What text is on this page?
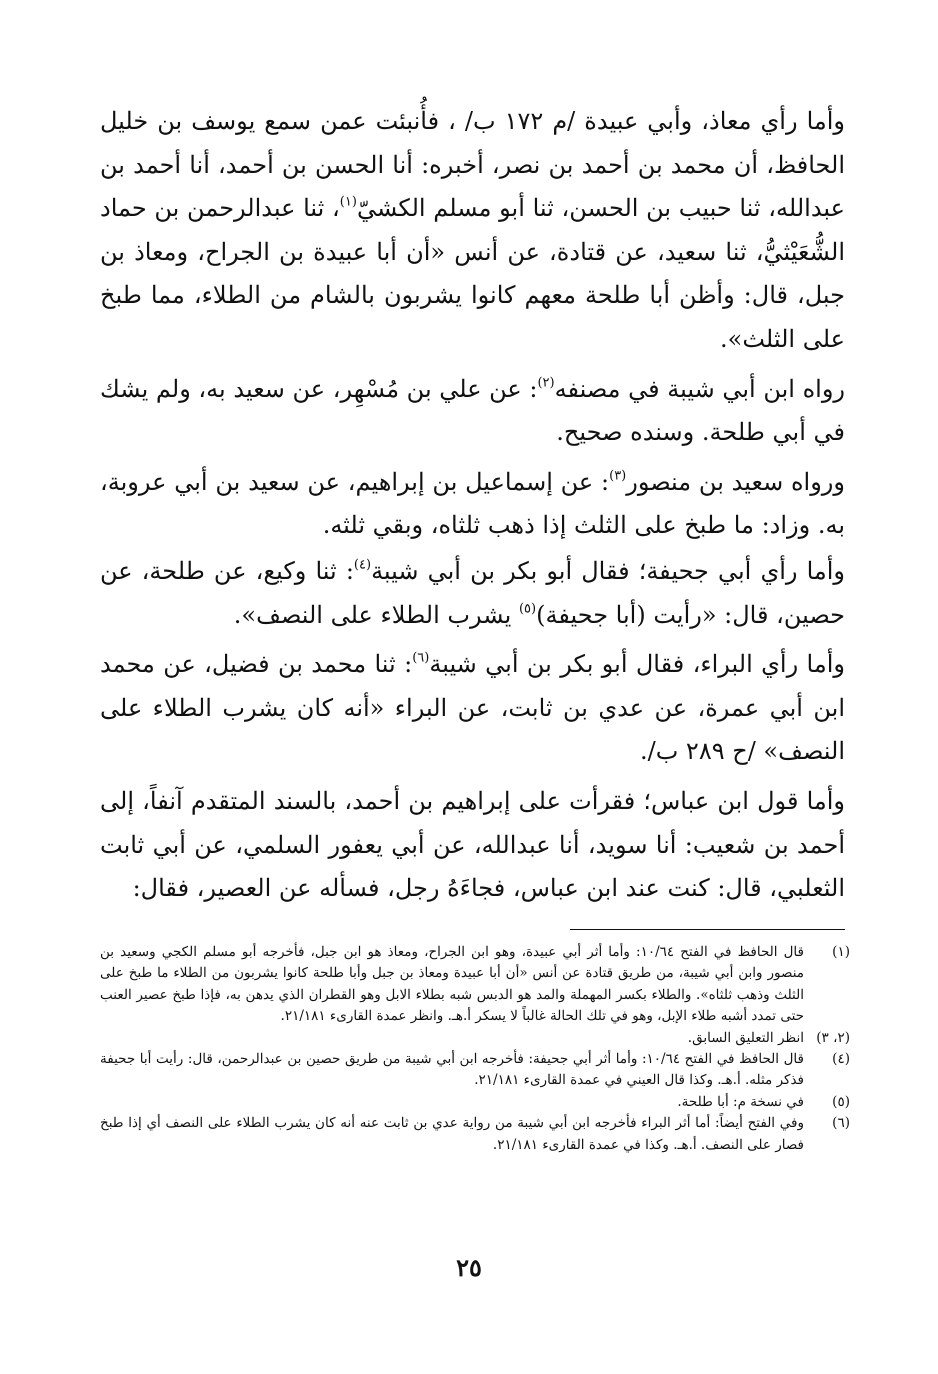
وأما رأي معاذ، وأبي عبيدة /م ١٧٢ ب/ ، فأُنبئت عمن سمع يوسف بن خليل الحافظ، أن محمد بن أحمد بن نصر، أخبره: أنا الحسن بن أحمد، أنا أحمد بن عبدالله، ثنا حبيب بن الحسن، ثنا أبو مسلم الكشيّ$^{(١)}$، ثنا عبدالرحمن بن حماد الشُّعَيْثيُّ، ثنا سعيد، عن قتادة، عن أنس «أن أبا عبيدة بن الجراح، ومعاذ بن جبل، قال: وأظن أبا طلحة معهم كانوا يشربون بالشام من الطلاء، مما طبخ على الثلث».

رواه ابن أبي شيبة في مصنفه$^{(٢)}$: عن علي بن مُسْهِر، عن سعيد به، ولم يشك في أبي طلحة. وسنده صحيح.

ورواه سعيد بن منصور$^{(٣)}$: عن إسماعيل بن إبراهيم، عن سعيد بن أبي عروبة، به. وزاد: ما طبخ على الثلث إذا ذهب ثلثاه، وبقي ثلثه.

وأما رأي أبي جحيفة؛ فقال أبو بكر بن أبي شيبة$^{(٤)}$: ثنا وكيع، عن طلحة، عن حصين، قال: «رأيت (أبا جحيفة)$^{(٥)}$ يشرب الطلاء على النصف».

وأما رأي البراء، فقال أبو بكر بن أبي شيبة$^{(٦)}$: ثنا محمد بن فضيل، عن محمد ابن أبي عمرة، عن عدي بن ثابت، عن البراء «أنه كان يشرب الطلاء على النصف» /ح ٢٨٩ ب/.

وأما قول ابن عباس؛ فقرأت على إبراهيم بن أحمد، بالسند المتقدم آنفاً، إلى أحمد بن شعيب: أنا سويد، أنا عبدالله، عن أبي يعفور السلمي، عن أبي ثابت الثعلبي، قال: كنت عند ابن عباس، فجاءَهُ رجل، فسأله عن العصير، فقال:

(١)
قال الحافظ في الفتح ١٠/٦٤: وأما أثر أبي عبيدة، وهو ابن الجراح، ومعاذ هو ابن جبل، فأخرجه أبو مسلم الكجي وسعيد بن منصور وابن أبي شيبة، من طريق قتادة عن أنس «أن أبا عبيدة ومعاذ بن جبل وأبا طلحة كانوا يشربون من الطلاء ما طبخ على الثلث وذهب ثلثاه». والطلاء بكسر المهملة والمد هو الدبس شبه بطلاء الابل وهو القطران الذي يدهن به، فإذا طبخ عصير العنب حتى تمدد أشبه طلاء الإبل، وهو في تلك الحالة غالباً لا يسكر أ.هـ. وانظر عمدة القارىء ٢١/١٨١.
(٢، ٣)
انظر التعليق السابق.
(٤)
قال الحافظ في الفتح ١٠/٦٤: وأما أثر أبي جحيفة: فأخرجه ابن أبي شيبة من طريق حصين بن عبدالرحمن، قال: رأيت أبا جحيفة فذكر مثله. أ.هـ. وكذا قال العيني في عمدة القارىء ٢١/١٨١.
(٥)
في نسخة م: أبا طلحة.
(٦)
وفي الفتح أيضاً: أما أثر البراء فأخرجه ابن أبي شيبة من رواية عدي بن ثابت عنه أنه كان يشرب الطلاء على النصف أي إذا طبخ فصار على النصف. أ.هـ. وكذا في عمدة القارىء ٢١/١٨١.
٢٥
